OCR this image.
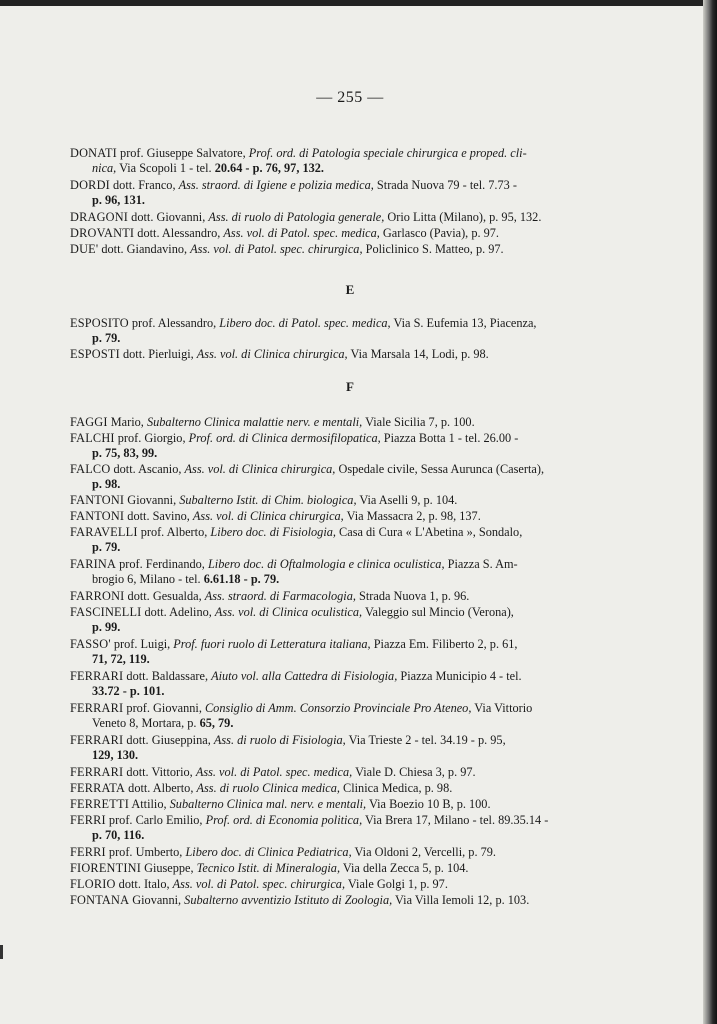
— 255 —
DONATI prof. Giuseppe Salvatore, Prof. ord. di Patologia speciale chirurgica e proped. cli-
nica, Via Scopoli 1 - tel. 20.64 - p. 76, 97, 132.
DORDI dott. Franco, Ass. straord. di Igiene e polizia medica, Strada Nuova 79 - tel. 7.73 -
p. 96, 131.
DRAGONI dott. Giovanni, Ass. di ruolo di Patologia generale, Orio Litta (Milano), p. 95, 132.
DROVANTI dott. Alessandro, Ass. vol. di Patol. spec. medica, Garlasco (Pavia), p. 97.
DUE' dott. Giandavino, Ass. vol. di Patol. spec. chirurgica, Policlinico S. Matteo, p. 97.
E
ESPOSITO prof. Alessandro, Libero doc. di Patol. spec. medica, Via S. Eufemia 13, Piacenza,
p. 79.
ESPOSTI dott. Pierluigi, Ass. vol. di Clinica chirurgica, Via Marsala 14, Lodi, p. 98.
F
FAGGI Mario, Subalterno Clinica malattie nerv. e mentali, Viale Sicilia 7, p. 100.
FALCHI prof. Giorgio, Prof. ord. di Clinica dermosifilopatica, Piazza Botta 1 - tel. 26.00 -
p. 75, 83, 99.
FALCO dott. Ascanio, Ass. vol. di Clinica chirurgica, Ospedale civile, Sessa Aurunca (Caserta),
p. 98.
FANTONI Giovanni, Subalterno Istit. di Chim. biologica, Via Aselli 9, p. 104.
FANTONI dott. Savino, Ass. vol. di Clinica chirurgica, Via Massacra 2, p. 98, 137.
FARAVELLI prof. Alberto, Libero doc. di Fisiologia, Casa di Cura « L'Abetina », Sondalo,
p. 79.
FARINA prof. Ferdinando, Libero doc. di Oftalmologia e clinica oculistica, Piazza S. Am-
brogio 6, Milano - tel. 6.61.18 - p. 79.
FARRONI dott. Gesualda, Ass. straord. di Farmacologia, Strada Nuova 1, p. 96.
FASCINELLI dott. Adelino, Ass. vol. di Clinica oculistica, Valeggio sul Mincio (Verona),
p. 99.
FASSO' prof. Luigi, Prof. fuori ruolo di Letteratura italiana, Piazza Em. Filiberto 2, p. 61,
71, 72, 119.
FERRARI dott. Baldassare, Aiuto vol. alla Cattedra di Fisiologia, Piazza Municipio 4 - tel.
33.72 - p. 101.
FERRARI prof. Giovanni, Consiglio di Amm. Consorzio Provinciale Pro Ateneo, Via Vittorio
Veneto 8, Mortara, p. 65, 79.
FERRARI dott. Giuseppina, Ass. di ruolo di Fisiologia, Via Trieste 2 - tel. 34.19 - p. 95,
129, 130.
FERRARI dott. Vittorio, Ass. vol. di Patol. spec. medica, Viale D. Chiesa 3, p. 97.
FERRATA dott. Alberto, Ass. di ruolo Clinica medica, Clinica Medica, p. 98.
FERRETTI Attilio, Subalterno Clinica mal. nerv. e mentali, Via Boezio 10 B, p. 100.
FERRI prof. Carlo Emilio, Prof. ord. di Economia politica, Via Brera 17, Milano - tel. 89.35.14 -
p. 70, 116.
FERRI prof. Umberto, Libero doc. di Clinica Pediatrica, Via Oldoni 2, Vercelli, p. 79.
FIORENTINI Giuseppe, Tecnico Istit. di Mineralogia, Via della Zecca 5, p. 104.
FLORIO dott. Italo, Ass. vol. di Patol. spec. chirurgica, Viale Golgi 1, p. 97.
FONTANA Giovanni, Subalterno avventizio Istituto di Zoologia, Via Villa Iemoli 12, p. 103.
